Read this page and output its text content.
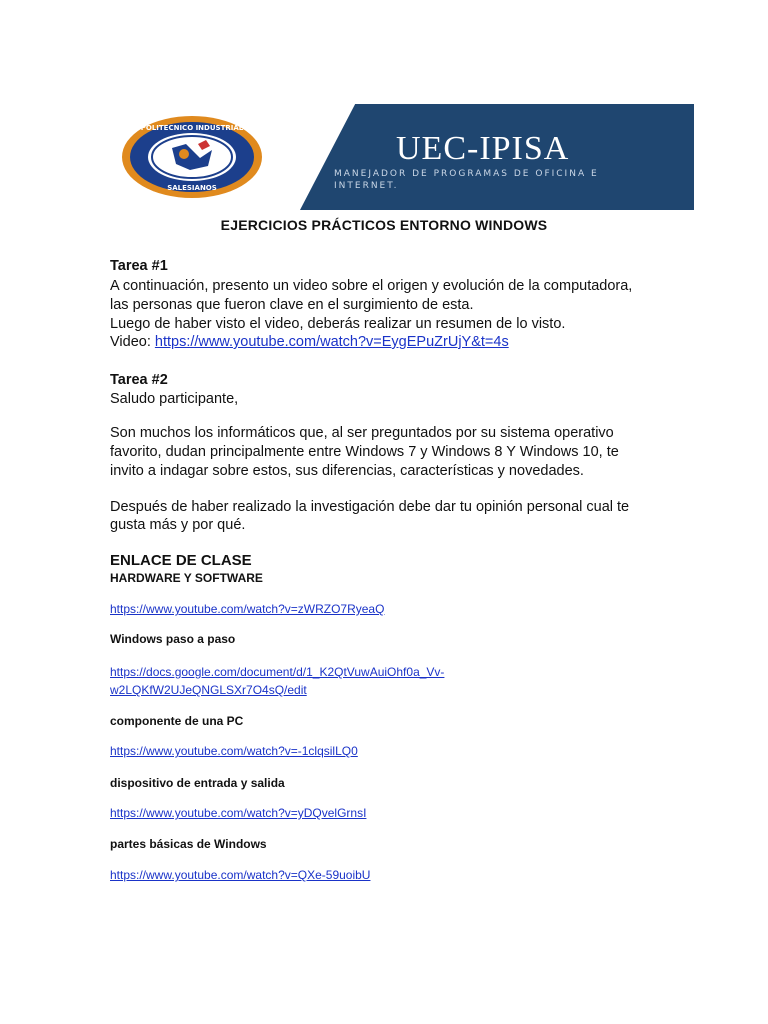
POLITECNICO INDUSTRIAL
SALESIANOS
UEC-IPISA
MANEJADOR DE PROGRAMAS DE OFICINA E INTERNET.
EJERCICIOS PRÁCTICOS ENTORNO WINDOWS
Tarea #1
A continuación, presento un video sobre el origen y evolución de la computadora,
las personas que fueron clave en el surgimiento de esta.
Luego de haber visto el video, deberás realizar un resumen de lo visto.
Video: https://www.youtube.com/watch?v=EygEPuZrUjY&t=4s
Tarea #2
Saludo participante,
Son muchos los informáticos que, al ser preguntados por su sistema operativo
favorito, dudan principalmente entre Windows 7 y Windows 8 Y Windows 10, te
invito a indagar sobre estos, sus diferencias, características y novedades.
Después de haber realizado la investigación debe dar tu opinión personal cual te
gusta más y por qué.
ENLACE DE CLASE
HARDWARE Y SOFTWARE
https://www.youtube.com/watch?v=zWRZO7RyeaQ
Windows paso a paso
https://docs.google.com/document/d/1_K2QtVuwAuiOhf0a_Vv-
w2LQKfW2UJeQNGLSXr7O4sQ/edit
componente de una PC
https://www.youtube.com/watch?v=-1clqsilLQ0
dispositivo de entrada y salida
https://www.youtube.com/watch?v=yDQvelGrnsI
partes básicas de Windows
https://www.youtube.com/watch?v=QXe-59uoibU
